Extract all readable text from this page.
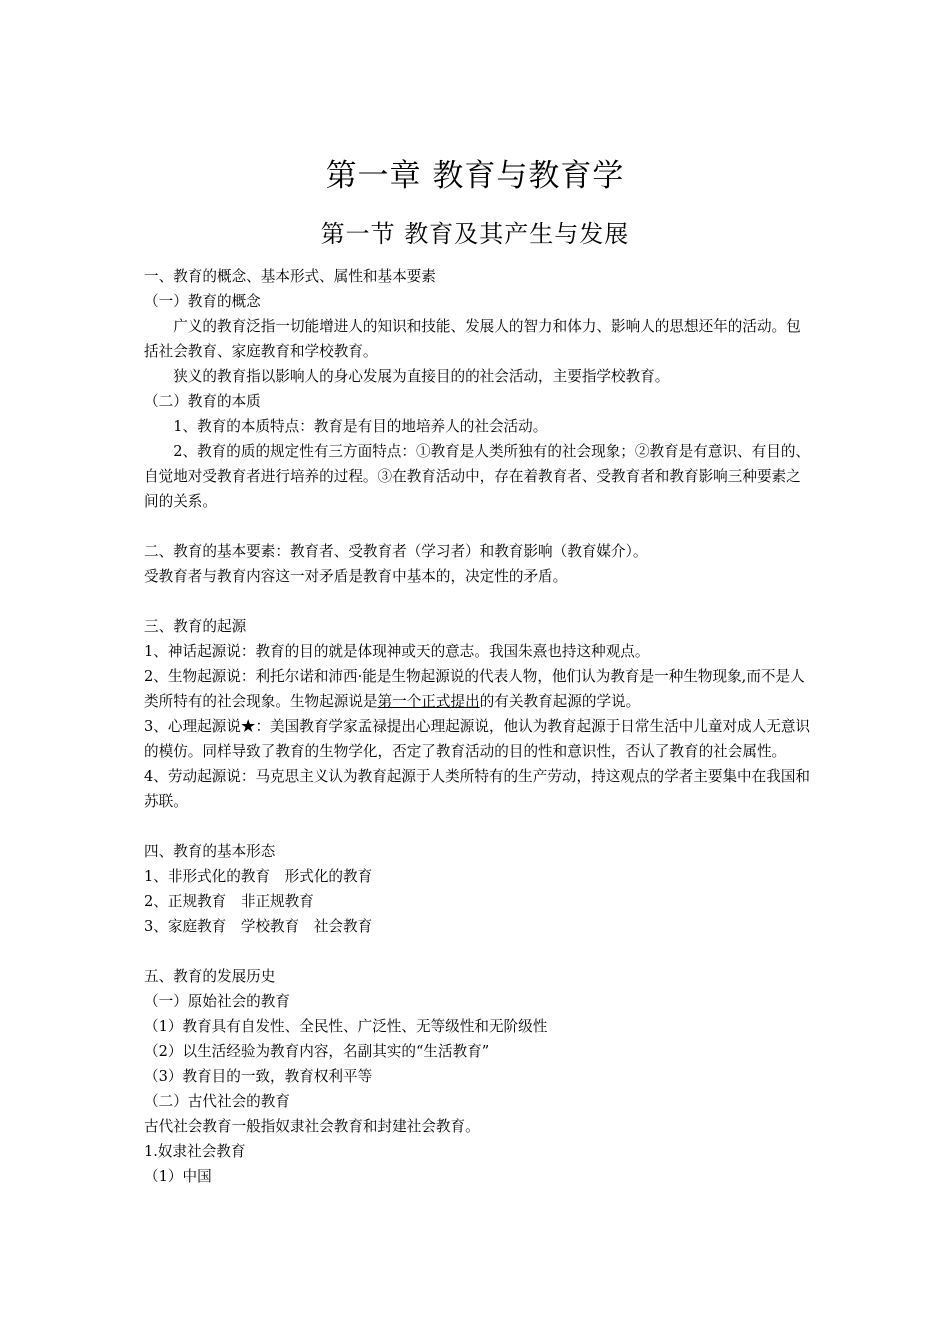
第一章 教育与教育学
第一节 教育及其产生与发展

一、教育的概念、基本形式、属性和基本要素

（一）教育的概念

广义的教育泛指一切能增进人的知识和技能、发展人的智力和体力、影响人的思想还年的活动。包括社会教育、家庭教育和学校教育。

狭义的教育指以影响人的身心发展为直接目的的社会活动，主要指学校教育。

（二）教育的本质

1、教育的本质特点：教育是有目的地培养人的社会活动。

2、教育的质的规定性有三方面特点：①教育是人类所独有的社会现象；②教育是有意识、有目的、自觉地对受教育者进行培养的过程。③在教育活动中，存在着教育者、受教育者和教育影响三种要素之间的关系。

二、教育的基本要素：教育者、受教育者（学习者）和教育影响（教育媒介）。

受教育者与教育内容这一对矛盾是教育中基本的，决定性的矛盾。

三、教育的起源

1、神话起源说：教育的目的就是体现神或天的意志。我国朱熹也持这种观点。

2、生物起源说：利托尔诺和沛西·能是生物起源说的代表人物，他们认为教育是一种生物现象,而不是人类所特有的社会现象。生物起源说是第一个正式提出的有关教育起源的学说。

3、心理起源说★：美国教育学家孟禄提出心理起源说，他认为教育起源于日常生活中儿童对成人无意识的模仿。同样导致了教育的生物学化，否定了教育活动的目的性和意识性，否认了教育的社会属性。

4、劳动起源说：马克思主义认为教育起源于人类所特有的生产劳动，持这观点的学者主要集中在我国和苏联。

四、教育的基本形态

1、非形式化的教育　形式化的教育

2、正规教育　非正规教育

3、家庭教育　学校教育　社会教育

五、教育的发展历史

（一）原始社会的教育

（1）教育具有自发性、全民性、广泛性、无等级性和无阶级性

（2）以生活经验为教育内容，名副其实的“生活教育”

（3）教育目的一致，教育权利平等

（二）古代社会的教育

古代社会教育一般指奴隶社会教育和封建社会教育。

1.奴隶社会教育

（1）中国
